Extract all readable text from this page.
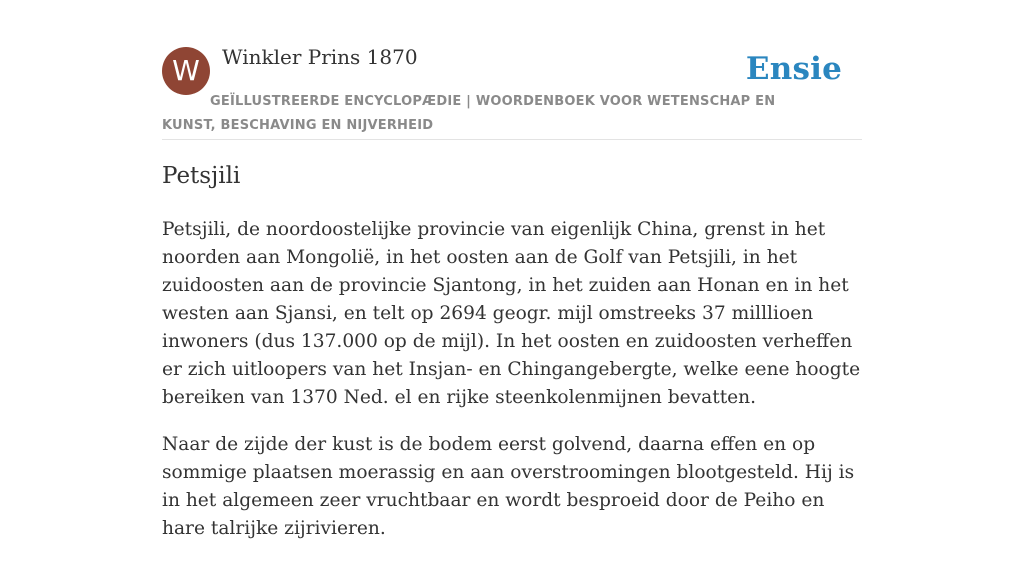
W	Winkler Prins 1870	Ensie
GEÏLLUSTREERDE ENCYCLOPÆDIE | WOORDENBOEK VOOR WETENSCHAP EN KUNST, BESCHAVING EN NIJVERHEID
Petsjili

Petsjili, de noordoostelijke provincie van eigenlijk China, grenst in het noorden aan Mongolië, in het oosten aan de Golf van Petsjili, in het zuidoosten aan de provincie Sjantong, in het zuiden aan Honan en in het westen aan Sjansi, en telt op 2694 geogr. mijl omstreeks 37 milllioen inwoners (dus 137.000 op de mijl). In het oosten en zuidoosten verheffen er zich uitloopers van het Insjan- en Chingangebergte, welke eene hoogte bereiken van 1370 Ned. el en rijke steenkolenmijnen bevatten.

Naar de zijde der kust is de bodem eerst golvend, daarna effen en op sommige plaatsen moerassig en aan overstroomingen blootgesteld. Hij is in het algemeen zeer vruchtbaar en wordt besproeid door de Peiho en hare talrijke zijrivieren.
